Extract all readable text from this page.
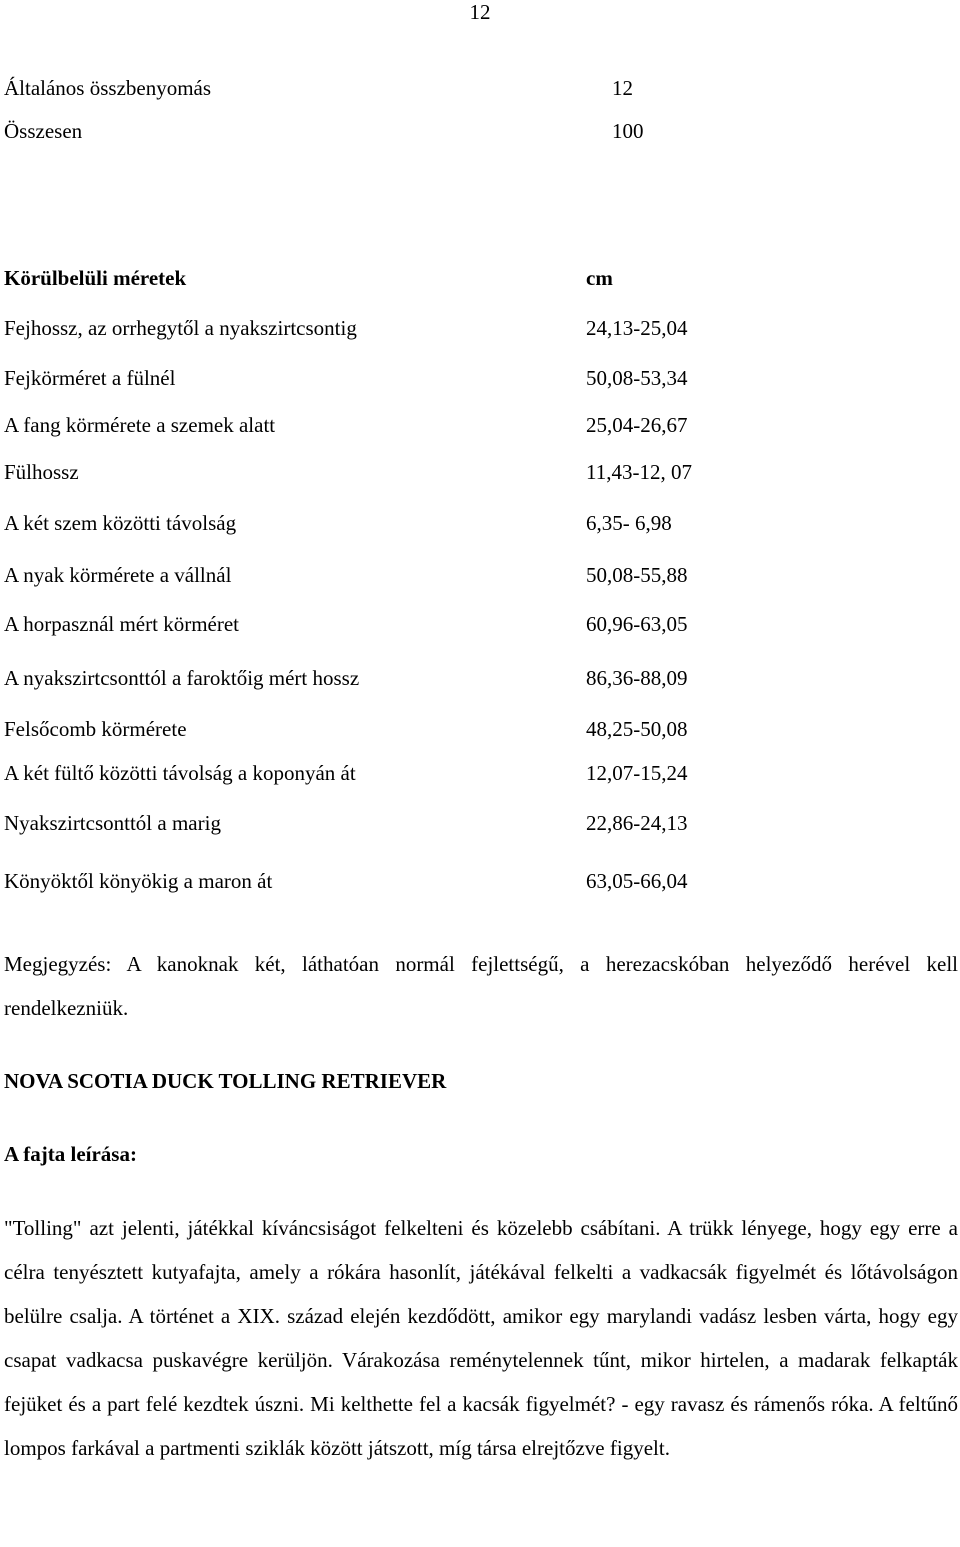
12
Általános összbenyomás	12
Összesen	100
Körülbelüli méretek	cm
Fejhossz, az orrhegytől a nyakszirtcsontig	24,13-25,04
Fejkörméret a fülnél	50,08-53,34
A fang körmérete a szemek alatt	25,04-26,67
Fülhossz	11,43-12, 07
A két szem közötti távolság	6,35- 6,98
A nyak körmérete a vállnál	50,08-55,88
A horpasznál mért körméret	60,96-63,05
A nyakszirtcsonttól a faroktőig mért hossz	86,36-88,09
Felsőcomb körmérete	48,25-50,08
A két fültő közötti távolság a koponyán át	12,07-15,24
Nyakszirtcsonttól a marig	22,86-24,13
Könyöktől könyökig a maron át	63,05-66,04
Megjegyzés: A kanoknak két, láthatóan normál fejlettségű, a herezacskóban helyeződő herével kell rendelkezniük.
NOVA SCOTIA DUCK TOLLING RETRIEVER
A fajta leírása:
"Tolling" azt jelenti, játékkal kíváncsiságot felkelteni és közelebb csábítani. A trükk lényege, hogy egy erre a célra tenyésztett kutyafajta, amely a rókára hasonlít, játékával felkelti a vadkacsák figyelmét és lőtávolságon belülre csalja. A történet a XIX. század elején kezdődött, amikor egy marylandi vadász lesben várta, hogy egy csapat vadkacsa puskavégre kerüljön. Várakozása reménytelennek tűnt, mikor hirtelen, a madarak felkapták fejüket és a part felé kezdtek úszni. Mi kelthette fel a kacsák figyelmét? - egy ravasz és rámenős róka. A feltűnő lompos farkával a partmenti sziklák között játszott, míg társa elrejtőzve figyelt.
